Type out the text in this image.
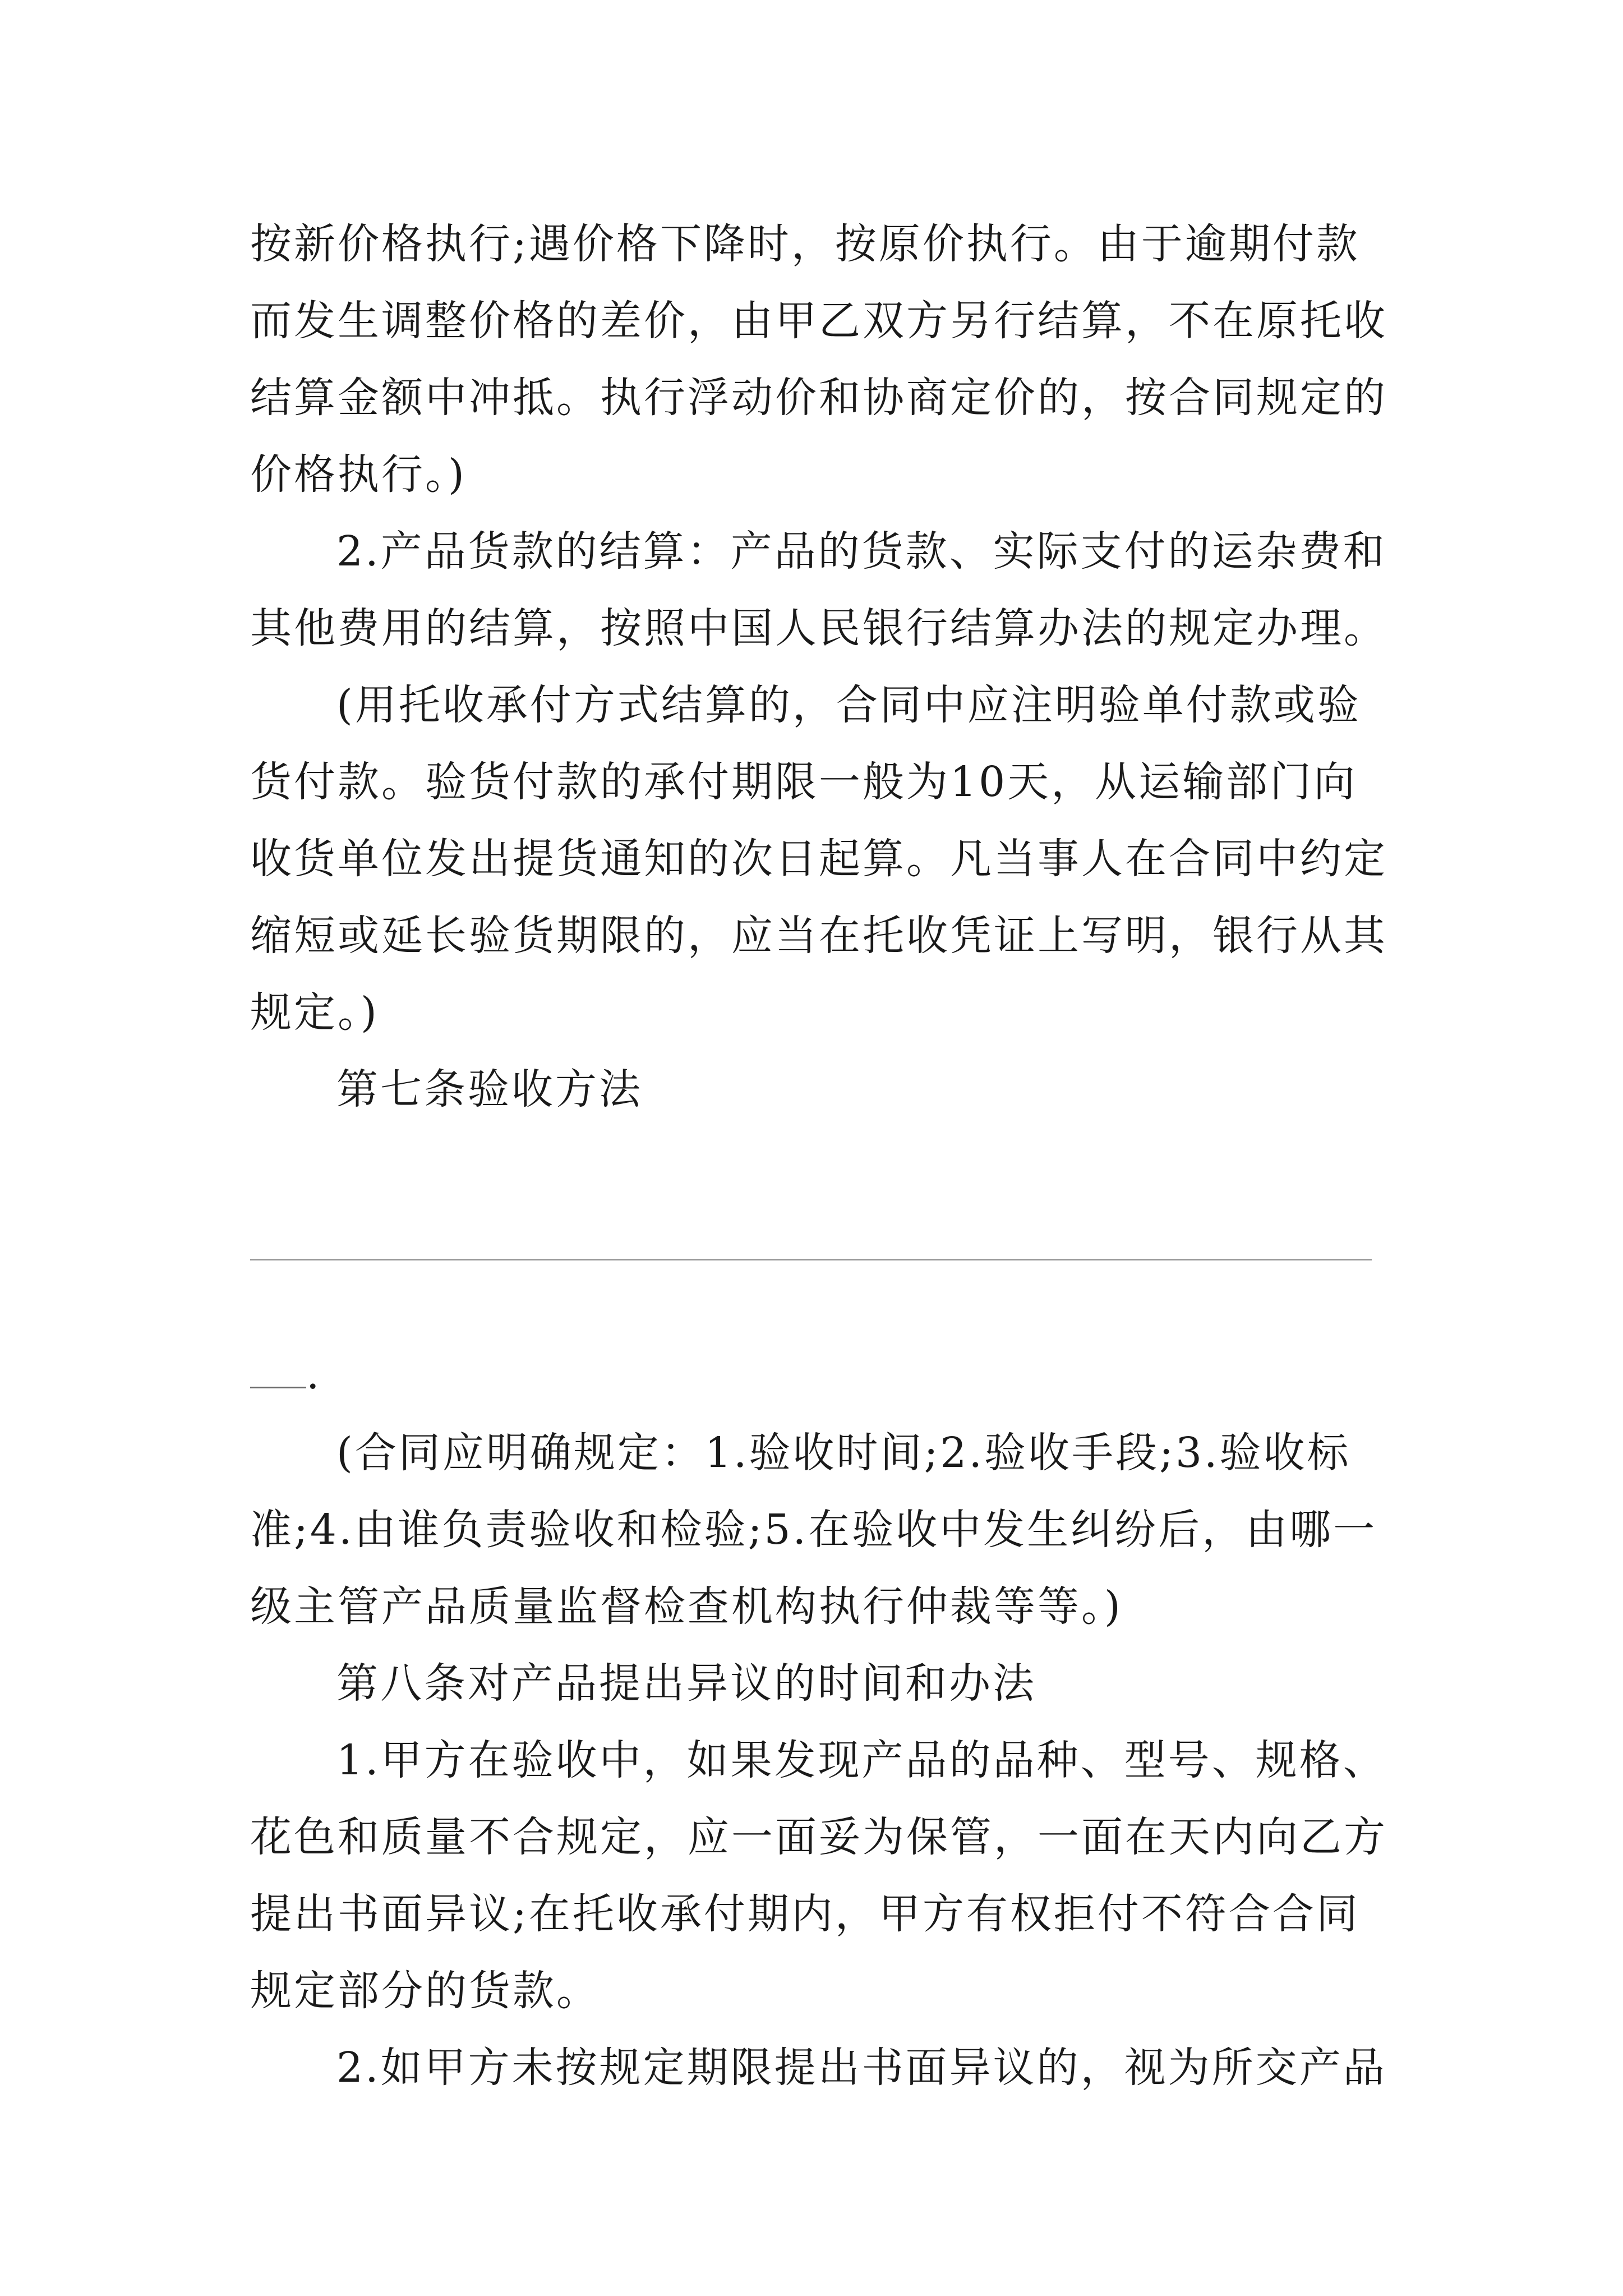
按新价格执行;遇价格下降时，按原价执行。由于逾期付款
而发生调整价格的差价，由甲乙双方另行结算，不在原托收
结算金额中冲抵。执行浮动价和协商定价的，按合同规定的
价格执行。)
2.产品货款的结算：产品的货款、实际支付的运杂费和
其他费用的结算，按照中国人民银行结算办法的规定办理。
(用托收承付方式结算的，合同中应注明验单付款或验
货付款。验货付款的承付期限一般为10天，从运输部门向
收货单位发出提货通知的次日起算。凡当事人在合同中约定
缩短或延长验货期限的，应当在托收凭证上写明，银行从其
规定。)
第七条验收方法
.
(合同应明确规定：1.验收时间;2.验收手段;3.验收标
准;4.由谁负责验收和检验;5.在验收中发生纠纷后，由哪一
级主管产品质量监督检查机构执行仲裁等等。)
第八条对产品提出异议的时间和办法
1.甲方在验收中，如果发现产品的品种、型号、规格、
花色和质量不合规定，应一面妥为保管，一面在天内向乙方
提出书面异议;在托收承付期内，甲方有权拒付不符合合同
规定部分的货款。
2.如甲方未按规定期限提出书面异议的，视为所交产品
